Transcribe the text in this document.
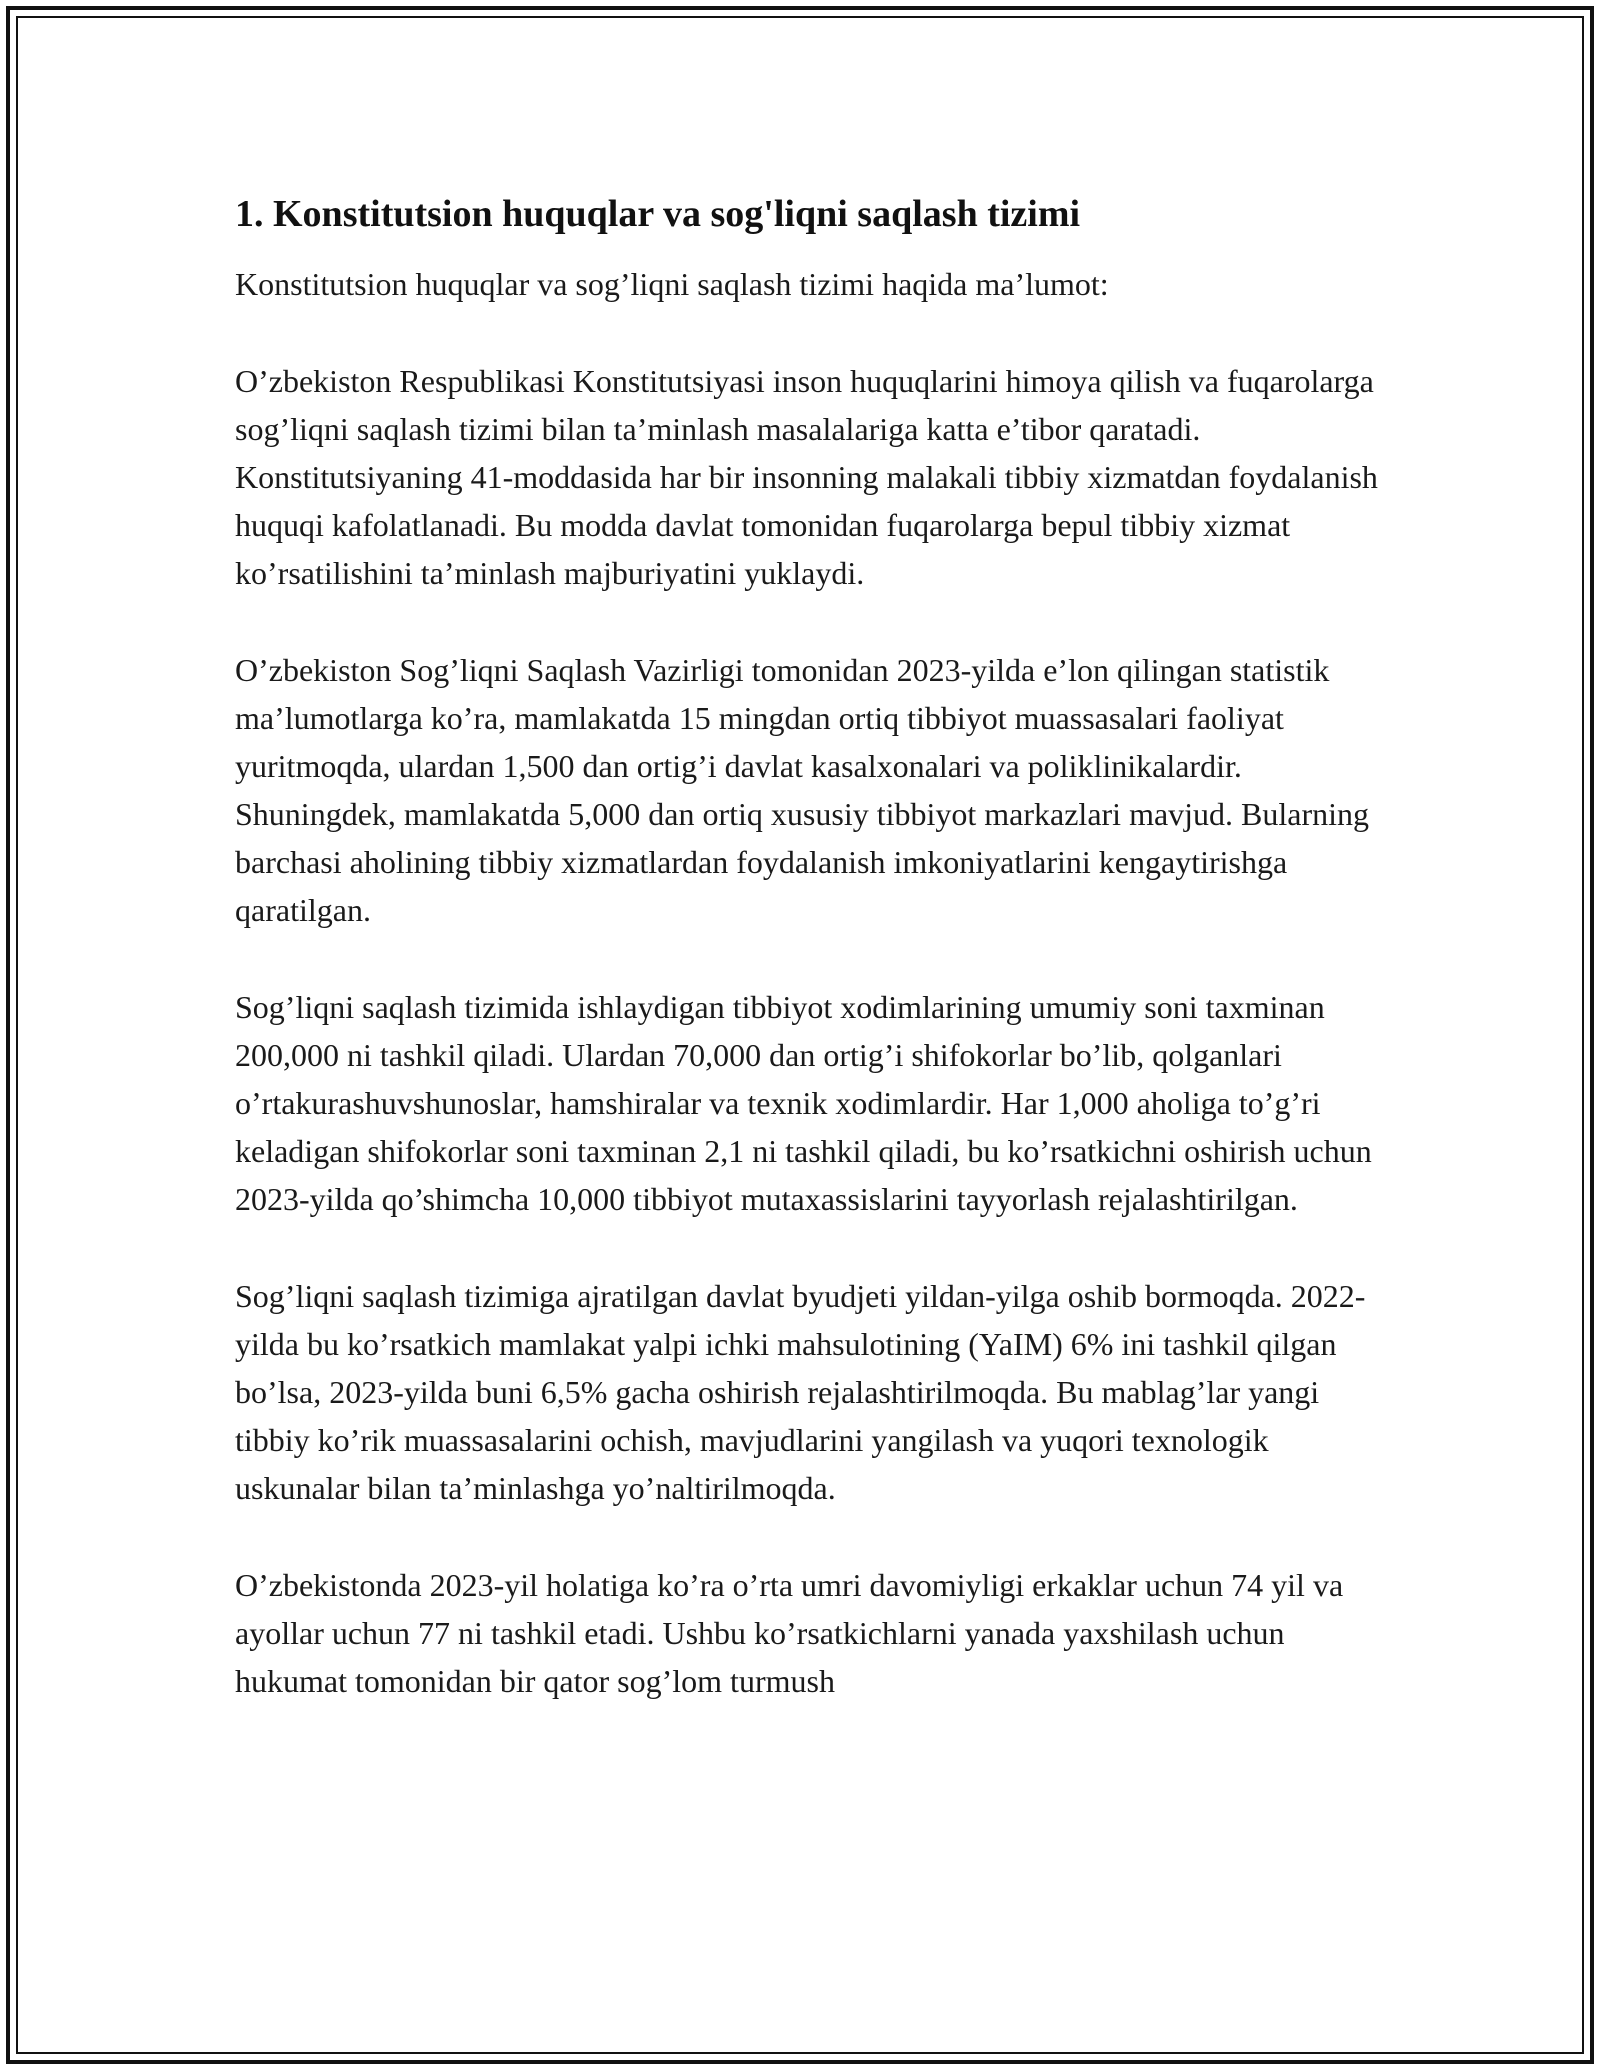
1. Konstitutsion huquqlar va sog'liqni saqlash tizimi

Konstitutsion huquqlar va sog’liqni saqlash tizimi haqida ma’lumot:

O’zbekiston Respublikasi Konstitutsiyasi inson huquqlarini himoya qilish va fuqarolarga sog’liqni saqlash tizimi bilan ta’minlash masalalariga katta e’tibor qaratadi. Konstitutsiyaning 41-moddasida har bir insonning malakali tibbiy xizmatdan foydalanish huquqi kafolatlanadi. Bu modda davlat tomonidan fuqarolarga bepul tibbiy xizmat ko’rsatilishini ta’minlash majburiyatini yuklaydi.

O’zbekiston Sog’liqni Saqlash Vazirligi tomonidan 2023-yilda e’lon qilingan statistik ma’lumotlarga ko’ra, mamlakatda 15 mingdan ortiq tibbiyot muassasalari faoliyat yuritmoqda, ulardan 1,500 dan ortig’i davlat kasalxonalari va poliklinikalardir. Shuningdek, mamlakatda 5,000 dan ortiq xususiy tibbiyot markazlari mavjud. Bularning barchasi aholining tibbiy xizmatlardan foydalanish imkoniyatlarini kengaytirishga qaratilgan.

Sog’liqni saqlash tizimida ishlaydigan tibbiyot xodimlarining umumiy soni taxminan 200,000 ni tashkil qiladi. Ulardan 70,000 dan ortig’i shifokorlar bo’lib, qolganlari o’rtakurashuvshunoslar, hamshiralar va texnik xodimlardir. Har 1,000 aholiga to’g’ri keladigan shifokorlar soni taxminan 2,1 ni tashkil qiladi, bu ko’rsatkichni oshirish uchun 2023-yilda qo’shimcha 10,000 tibbiyot mutaxassislarini tayyorlash rejalashtirilgan.

Sog’liqni saqlash tizimiga ajratilgan davlat byudjeti yildan-yilga oshib bormoqda. 2022-yilda bu ko’rsatkich mamlakat yalpi ichki mahsulotining (YaIM) 6% ini tashkil qilgan bo’lsa, 2023-yilda buni 6,5% gacha oshirish rejalashtirilmoqda. Bu mablag’lar yangi tibbiy ko’rik muassasalarini ochish, mavjudlarini yangilash va yuqori texnologik uskunalar bilan ta’minlashga yo’naltirilmoqda.

O’zbekistonda 2023-yil holatiga ko’ra o’rta umri davomiyligi erkaklar uchun 74 yil va ayollar uchun 77 ni tashkil etadi. Ushbu ko’rsatkichlarni yanada yaxshilash uchun hukumat tomonidan bir qator sog’lom turmush
